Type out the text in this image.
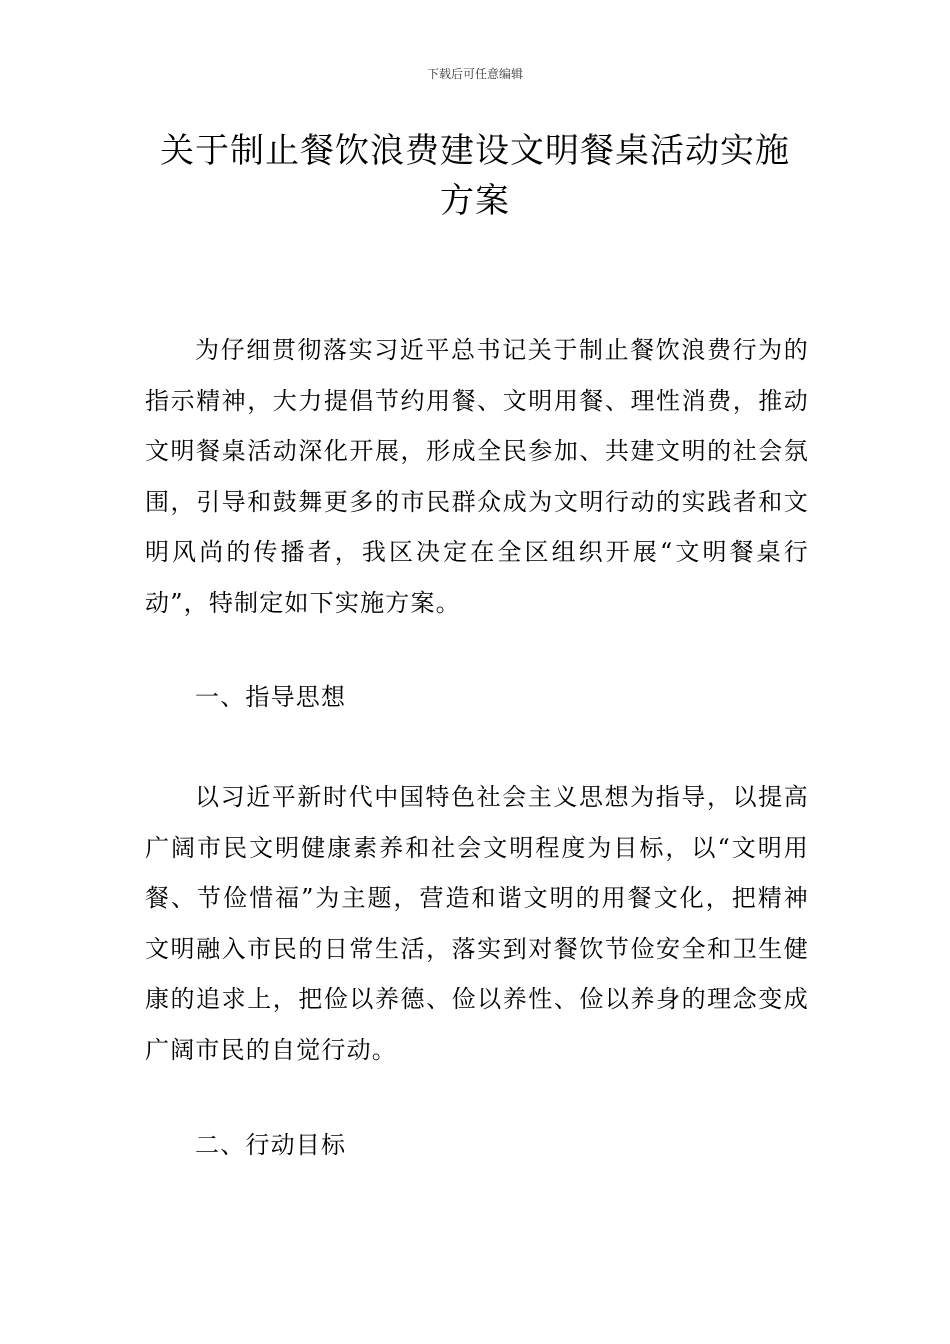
下载后可任意编辑
关于制止餐饮浪费建设文明餐桌活动实施方案

为仔细贯彻落实习近平总书记关于制止餐饮浪费行为的指示精神，大力提倡节约用餐、文明用餐、理性消费，推动文明餐桌活动深化开展，形成全民参加、共建文明的社会氛围，引导和鼓舞更多的市民群众成为文明行动的实践者和文明风尚的传播者，我区决定在全区组织开展“文明餐桌行动”，特制定如下实施方案。

一、指导思想

以习近平新时代中国特色社会主义思想为指导，以提高广阔市民文明健康素养和社会文明程度为目标，以“文明用餐、节俭惜福”为主题，营造和谐文明的用餐文化，把精神文明融入市民的日常生活，落实到对餐饮节俭安全和卫生健康的追求上，把俭以养德、俭以养性、俭以养身的理念变成广阔市民的自觉行动。

二、行动目标
